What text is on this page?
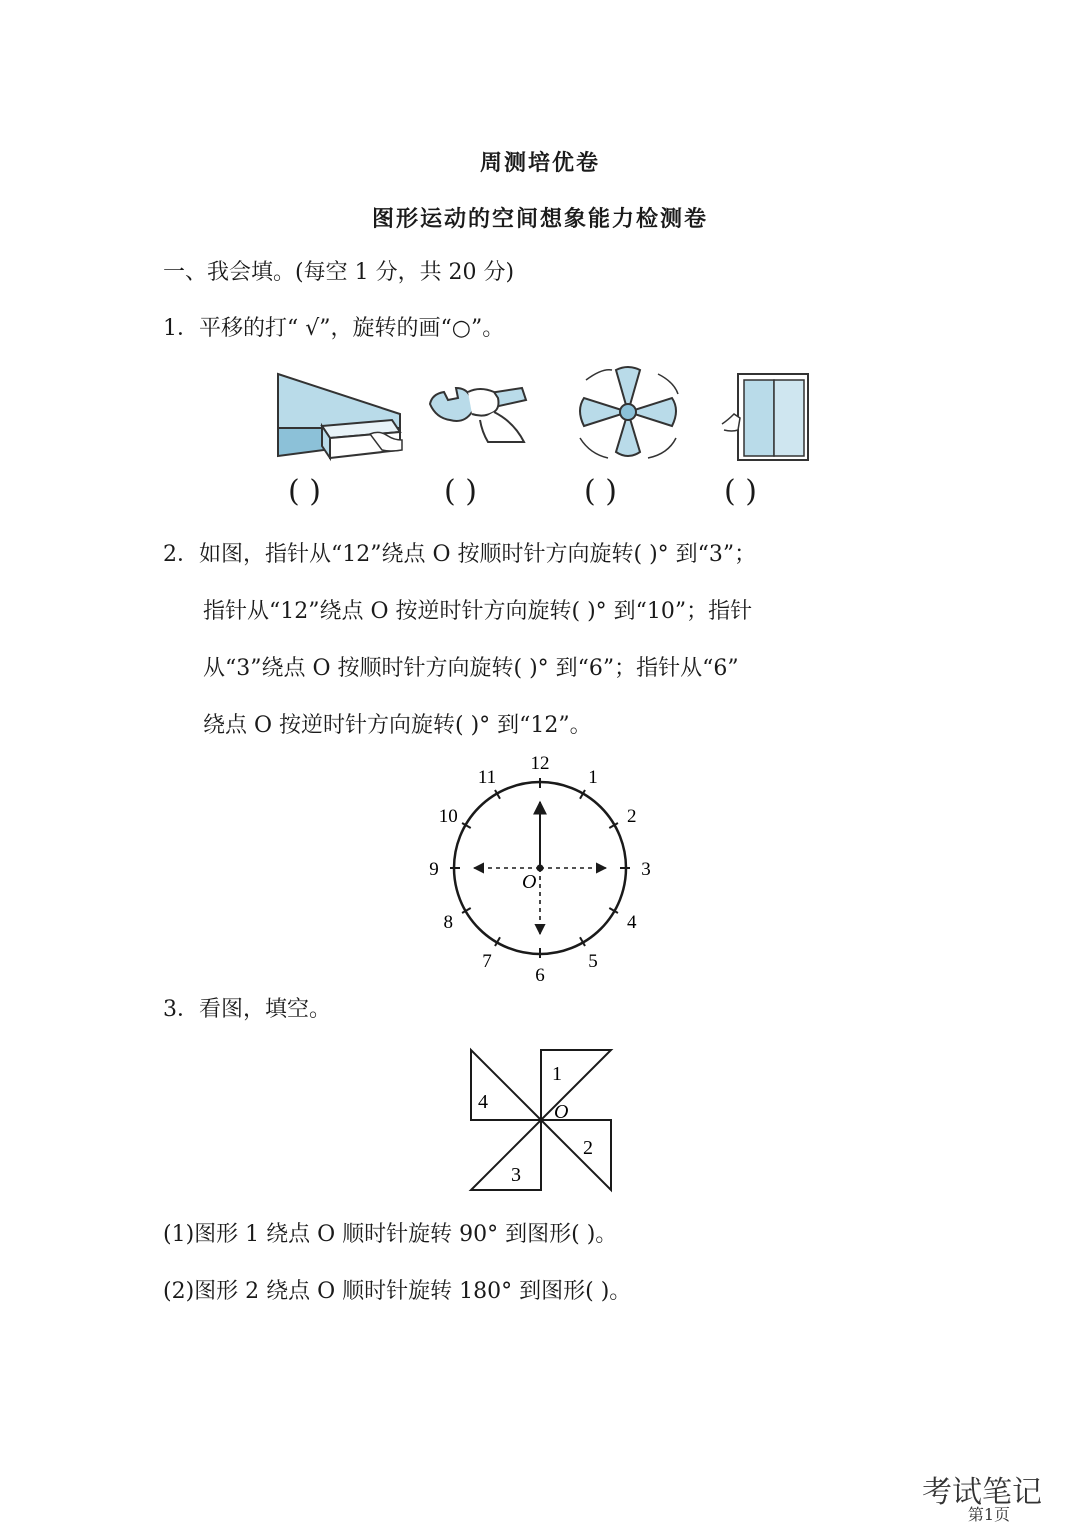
周测培优卷
图形运动的空间想象能力检测卷
一、我会填。(每空 1 分，共 20 分)
1．平移的打“ √”，旋转的画“○”。
( )	( )	( )	( )
2．如图，指针从“12”绕点 O 按顺时针方向旋转( )° 到“3”；
指针从“12”绕点 O 按逆时针方向旋转( )° 到“10”；指针
从“3”绕点 O 按顺时针方向旋转( )° 到“6”；指针从“6”
绕点 O 按逆时针方向旋转( )° 到“12”。
O
12
1
2
3
4
5
6
7
8
9
10
11
3．看图，填空。
1
2
3
4	O
(1)图形 1 绕点 O 顺时针旋转 90° 到图形( )。
(2)图形 2 绕点 O 顺时针旋转 180° 到图形( )。
考试笔记
第1页
